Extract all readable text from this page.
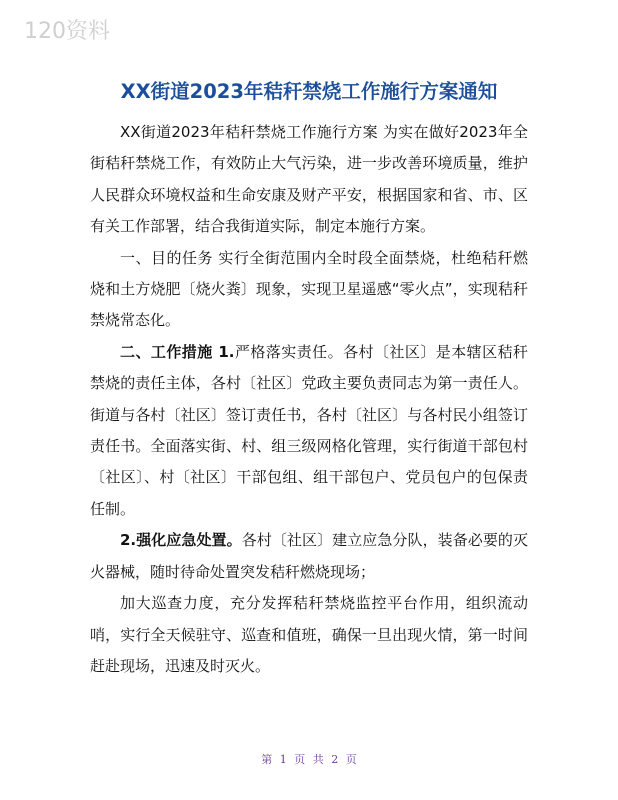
120资料
XX街道2023年秸秆禁烧工作施行方案通知

XX街道2023年秸秆禁烧工作施行方案 为实在做好2023年全街秸秆禁烧工作，有效防止大气污染，进一步改善环境质量，维护人民群众环境权益和生命安康及财产平安，根据国家和省、市、区有关工作部署，结合我街道实际，制定本施行方案。

一、目的任务 实行全街范围内全时段全面禁烧，杜绝秸秆燃烧和土方烧肥〔烧火粪〕现象，实现卫星遥感“零火点”，实现秸秆禁烧常态化。

二、工作措施 1.严格落实责任。各村〔社区〕是本辖区秸秆禁烧的责任主体，各村〔社区〕党政主要负责同志为第一责任人。街道与各村〔社区〕签订责任书，各村〔社区〕与各村民小组签订责任书。全面落实街、村、组三级网格化管理，实行街道干部包村〔社区〕、村〔社区〕干部包组、组干部包户、党员包户的包保责任制。

2.强化应急处置。各村〔社区〕建立应急分队，装备必要的灭火器械，随时待命处置突发秸秆燃烧现场；

加大巡查力度，充分发挥秸秆禁烧监控平台作用，组织流动哨，实行全天候驻守、巡查和值班，确保一旦出现火情，第一时间赶赴现场，迅速及时灭火。

第 1 页 共 2 页
